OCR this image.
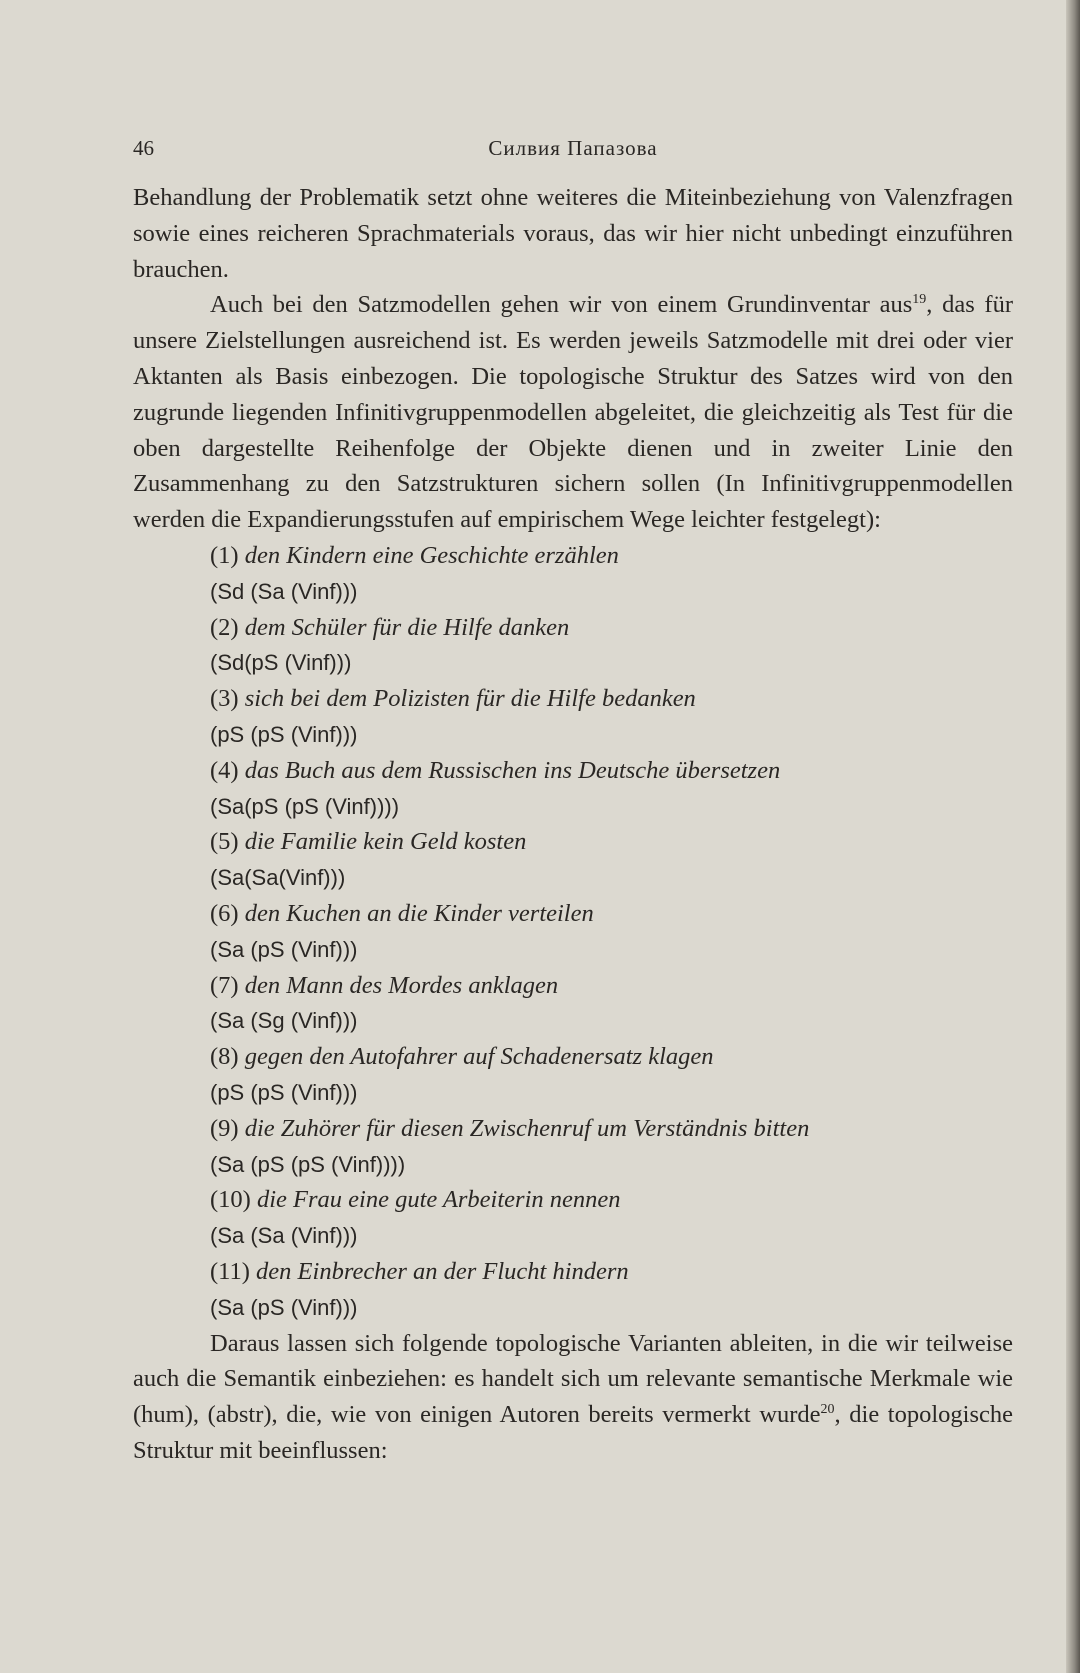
46	Силвия Папазова

Behandlung der Problematik setzt ohne weiteres die Miteinbeziehung von Valenzfragen sowie eines reicheren Sprachmaterials voraus, das wir hier nicht unbedingt einzuführen brauchen.

Auch bei den Satzmodellen gehen wir von einem Grundinventar aus$^{19}$, das für unsere Zielstellungen ausreichend ist. Es werden jeweils Satzmodelle mit drei oder vier Aktanten als Basis einbezogen. Die topologische Struktur des Satzes wird von den zugrunde liegenden Infinitivgruppenmodellen abgeleitet, die gleichzeitig als Test für die oben dargestellte Reihenfolge der Objekte dienen und in zweiter Linie den Zusammenhang zu den Satzstrukturen sichern sollen (In Infinitivgruppenmodellen werden die Expandierungsstufen auf empirischem Wege leichter festgelegt):

(1) den Kindern eine Geschichte erzählen
(Sd (Sa (Vinf)))
(2) dem Schüler für die Hilfe danken
(Sd(pS (Vinf)))
(3) sich bei dem Polizisten für die Hilfe bedanken
(pS (pS (Vinf)))
(4) das Buch aus dem Russischen ins Deutsche übersetzen
(Sa(pS (pS (Vinf))))
(5) die Familie kein Geld kosten
(Sa(Sa(Vinf)))
(6) den Kuchen an die Kinder verteilen
(Sa (pS (Vinf)))
(7) den Mann des Mordes anklagen
(Sa (Sg (Vinf)))
(8) gegen den Autofahrer auf Schadenersatz klagen
(pS (pS (Vinf)))
(9) die Zuhörer für diesen Zwischenruf um Verständnis bitten
(Sa (pS (pS (Vinf))))
(10) die Frau eine gute Arbeiterin nennen
(Sa (Sa (Vinf)))
(11) den Einbrecher an der Flucht hindern
(Sa (pS (Vinf)))

Daraus lassen sich folgende topologische Varianten ableiten, in die wir teilweise auch die Semantik einbeziehen: es handelt sich um relevante semantische Merkmale wie (hum), (abstr), die, wie von einigen Autoren bereits vermerkt wurde$^{20}$, die topologische Struktur mit beeinflussen:
